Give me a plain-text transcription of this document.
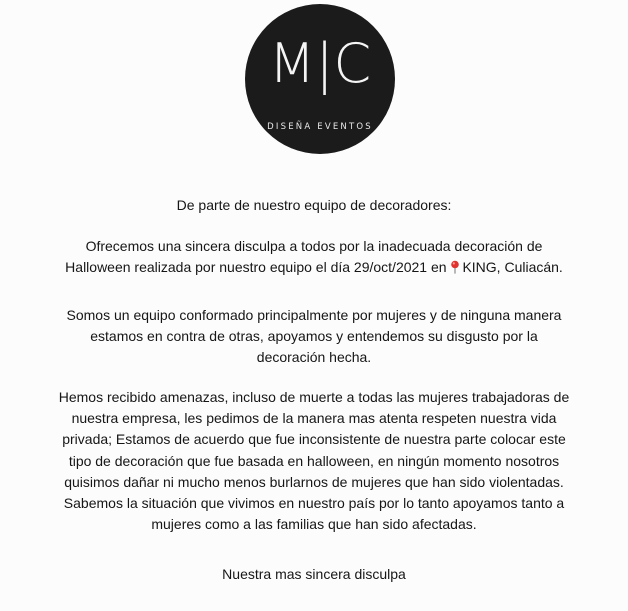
M|C
DISEÑA EVENTOS
De parte de nuestro equipo de decoradores:
Ofrecemos una sincera disculpa a todos por la inadecuada decoración de
Halloween realizada por nuestro equipo el día 29/oct/2021 en
KING, Culiacán.
Somos un equipo conformado principalmente por mujeres y de ninguna manera
estamos en contra de otras, apoyamos y entendemos su disgusto por la
decoración hecha.
Hemos recibido amenazas, incluso de muerte a todas las mujeres trabajadoras de
nuestra empresa, les pedimos de la manera mas atenta respeten nuestra vida
privada; Estamos de acuerdo que fue inconsistente de nuestra parte colocar este
tipo de decoración que fue basada en halloween, en ningún momento nosotros
quisimos dañar ni mucho menos burlarnos de mujeres que han sido violentadas.
Sabemos la situación que vivimos en nuestro país por lo tanto apoyamos tanto a
mujeres como a las familias que han sido afectadas.
Nuestra mas sincera disculpa
